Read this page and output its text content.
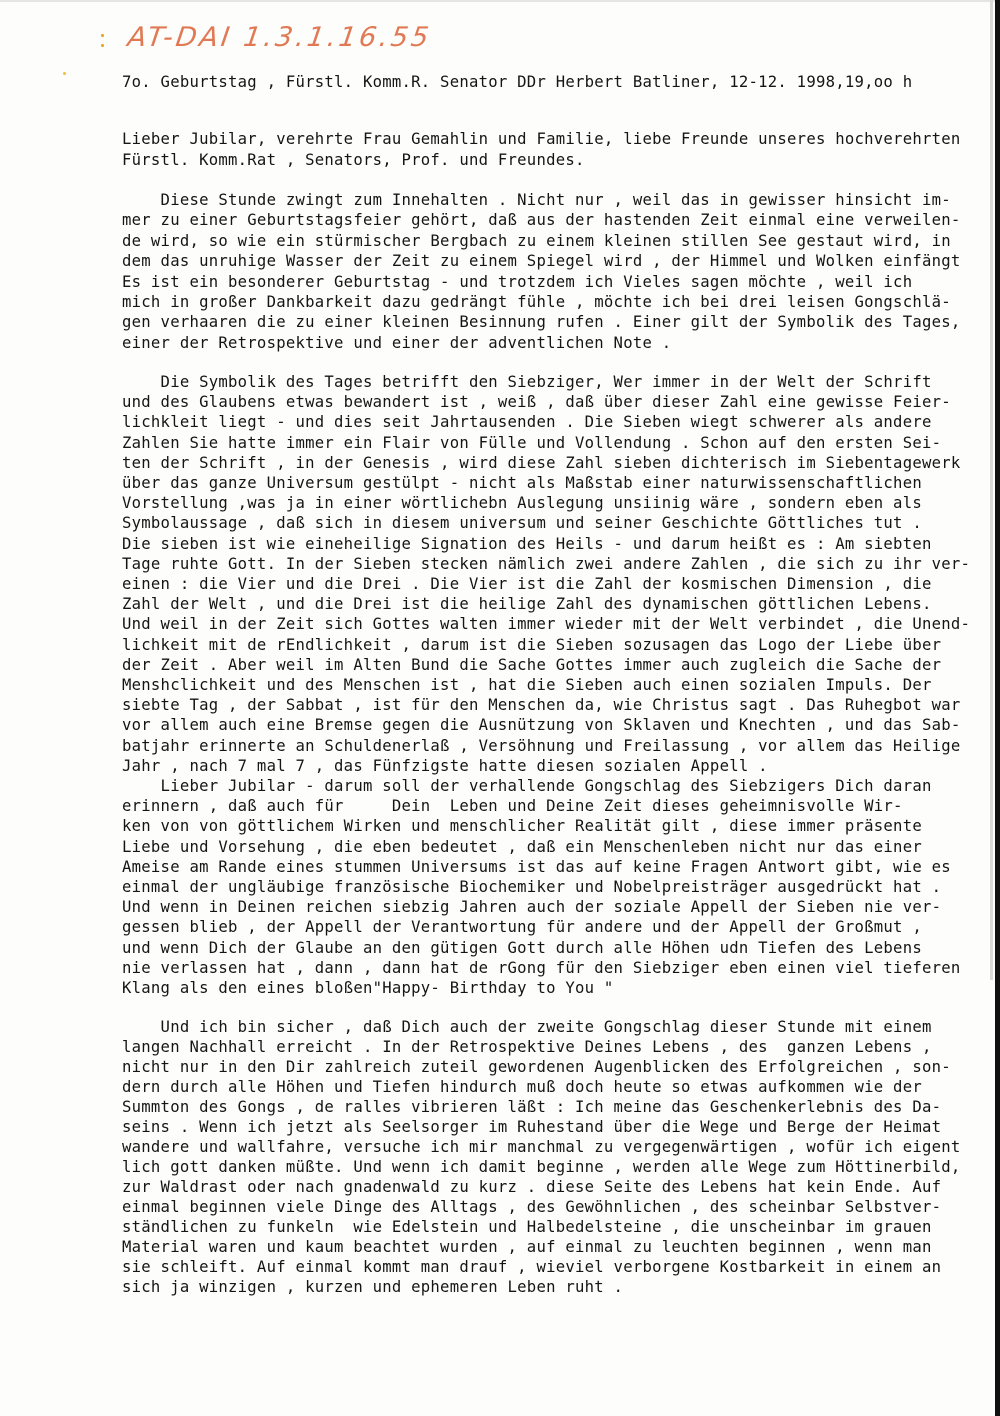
AT-DAI 1.3.1.16.55
7o. Geburtstag , Fürstl. Komm.R. Senator DDr Herbert Batliner, 12-12. 1998,19,oo h
Lieber Jubilar, verehrte Frau Gemahlin und Familie, liebe Freunde unseres hochverehrten
Fürstl. Komm.Rat , Senators, Prof. und Freundes.
Diese Stunde zwingt zum Innehalten . Nicht nur , weil das in gewisser hinsicht im-
mer zu einer Geburtstagsfeier gehört, daß aus der hastenden Zeit einmal eine verweilen-
de wird, so wie ein stürmischer Bergbach zu einem kleinen stillen See gestaut wird, in
dem das unruhige Wasser der Zeit zu einem Spiegel wird , der Himmel und Wolken einfängt
Es ist ein besonderer Geburtstag - und trotzdem ich Vieles sagen möchte , weil ich
mich in großer Dankbarkeit dazu gedrängt fühle , möchte ich bei drei leisen Gongschlä-
gen verhaaren die zu einer kleinen Besinnung rufen . Einer gilt der Symbolik des Tages,
einer der Retrospektive und einer der adventlichen Note .
Die Symbolik des Tages betrifft den Siebziger, Wer immer in der Welt der Schrift
und des Glaubens etwas bewandert ist , weiß , daß über dieser Zahl eine gewisse Feier-
lichkleit liegt - und dies seit Jahrtausenden . Die Sieben wiegt schwerer als andere
Zahlen Sie hatte immer ein Flair von Fülle und Vollendung . Schon auf den ersten Sei-
ten der Schrift , in der Genesis , wird diese Zahl sieben dichterisch im Siebentagewerk
über das ganze Universum gestülpt - nicht als Maßstab einer naturwissenschaftlichen
Vorstellung ,was ja in einer wörtlichebn Auslegung unsiinig wäre , sondern eben als
Symbolaussage , daß sich in diesem universum und seiner Geschichte Göttliches tut .
Die sieben ist wie eineheilige Signation des Heils - und darum heißt es : Am siebten
Tage ruhte Gott. In der Sieben stecken nämlich zwei andere Zahlen , die sich zu ihr ver-
einen : die Vier und die Drei . Die Vier ist die Zahl der kosmischen Dimension , die
Zahl der Welt , und die Drei ist die heilige Zahl des dynamischen göttlichen Lebens.
Und weil in der Zeit sich Gottes walten immer wieder mit der Welt verbindet , die Unend-
lichkeit mit de rEndlichkeit , darum ist die Sieben sozusagen das Logo der Liebe über
der Zeit . Aber weil im Alten Bund die Sache Gottes immer auch zugleich die Sache der
Menshclichkeit und des Menschen ist , hat die Sieben auch einen sozialen Impuls. Der
siebte Tag , der Sabbat , ist für den Menschen da, wie Christus sagt . Das Ruhegbot war
vor allem auch eine Bremse gegen die Ausnützung von Sklaven und Knechten , und das Sab-
batjahr erinnerte an Schuldenerlaß , Versöhnung und Freilassung , vor allem das Heilige
Jahr , nach 7 mal 7 , das Fünfzigste hatte diesen sozialen Appell .
Lieber Jubilar - darum soll der verhallende Gongschlag des Siebzigers Dich daran
erinnern , daß auch für     Dein  Leben und Deine Zeit dieses geheimnisvolle Wir-
ken von von göttlichem Wirken und menschlicher Realität gilt , diese immer präsente
Liebe und Vorsehung , die eben bedeutet , daß ein Menschenleben nicht nur das einer
Ameise am Rande eines stummen Universums ist das auf keine Fragen Antwort gibt, wie es
einmal der ungläubige französische Biochemiker und Nobelpreisträger ausgedrückt hat .
Und wenn in Deinen reichen siebzig Jahren auch der soziale Appell der Sieben nie ver-
gessen blieb , der Appell der Verantwortung für andere und der Appell der Großmut ,
und wenn Dich der Glaube an den gütigen Gott durch alle Höhen udn Tiefen des Lebens
nie verlassen hat , dann , dann hat de rGong für den Siebziger eben einen viel tieferen
Klang als den eines bloßen"Happy- Birthday to You "
Und ich bin sicher , daß Dich auch der zweite Gongschlag dieser Stunde mit einem
langen Nachhall erreicht . In der Retrospektive Deines Lebens , des  ganzen Lebens ,
nicht nur in den Dir zahlreich zuteil gewordenen Augenblicken des Erfolgreichen , son-
dern durch alle Höhen und Tiefen hindurch muß doch heute so etwas aufkommen wie der
Summton des Gongs , de ralles vibrieren läßt : Ich meine das Geschenkerlebnis des Da-
seins . Wenn ich jetzt als Seelsorger im Ruhestand über die Wege und Berge der Heimat
wandere und wallfahre, versuche ich mir manchmal zu vergegenwärtigen , wofür ich eigent
lich gott danken müßte. Und wenn ich damit beginne , werden alle Wege zum Höttinerbild,
zur Waldrast oder nach gnadenwald zu kurz . diese Seite des Lebens hat kein Ende. Auf
einmal beginnen viele Dinge des Alltags , des Gewöhnlichen , des scheinbar Selbstver-
ständlichen zu funkeln  wie Edelstein und Halbedelsteine , die unscheinbar im grauen
Material waren und kaum beachtet wurden , auf einmal zu leuchten beginnen , wenn man
sie schleift. Auf einmal kommt man drauf , wieviel verborgene Kostbarkeit in einem an
sich ja winzigen , kurzen und ephemeren Leben ruht .
